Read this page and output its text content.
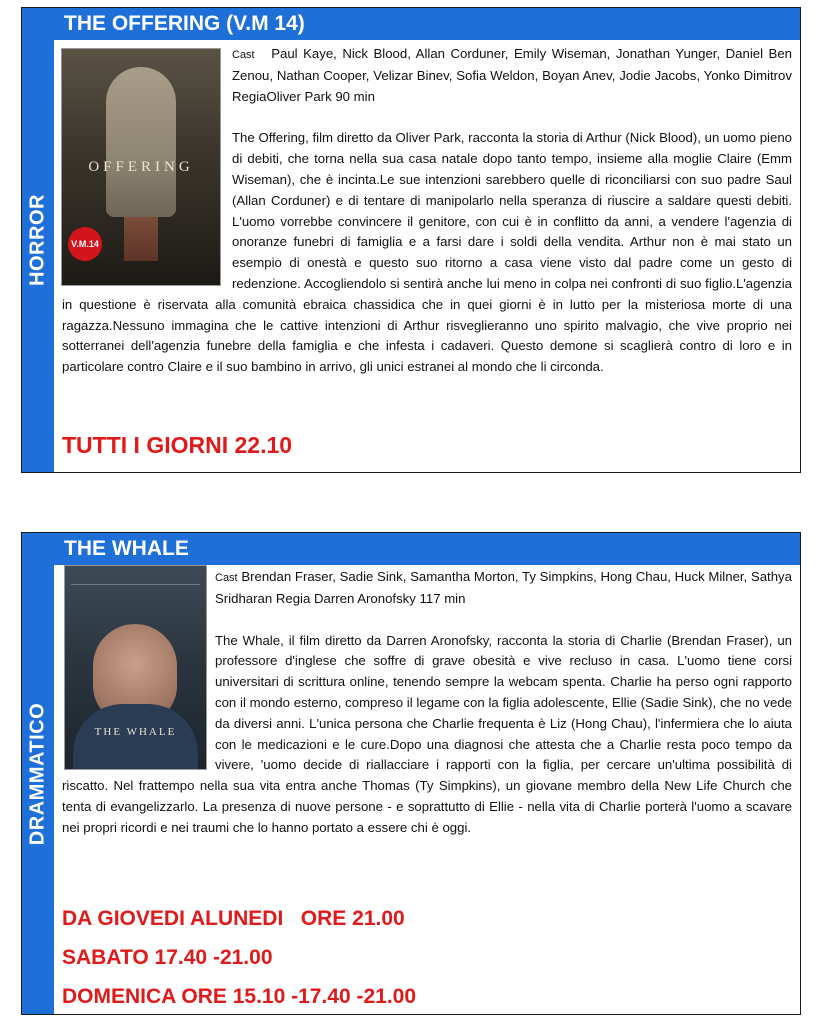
HORROR
THE OFFERING (V.M 14)
OFFERING
V.M.14

Cast Paul Kaye, Nick Blood, Allan Corduner, Emily Wiseman, Jonathan Yunger, Daniel Ben Zenou, Nathan Cooper, Velizar Binev, Sofia Weldon, Boyan Anev, Jodie Jacobs, Yonko Dimitrov RegiaOliver Park 90 min

The Offering, film diretto da Oliver Park, racconta la storia di Arthur (Nick Blood), un uomo pieno di debiti, che torna nella sua casa natale dopo tanto tempo, insieme alla moglie Claire (Emm Wiseman), che è incinta.Le sue intenzioni sarebbero quelle di riconciliarsi con suo padre Saul (Allan Corduner) e di tentare di manipolarlo nella speranza di riuscire a saldare questi debiti. L'uomo vorrebbe convincere il genitore, con cui è in conflitto da anni, a vendere l'agenzia di onoranze funebri di famiglia e a farsi dare i soldi della vendita. Arthur non è mai stato un esempio di onestà e questo suo ritorno a casa viene visto dal padre come un gesto di redenzione. Accogliendolo si sentirà anche lui meno in colpa nei confronti di suo figlio.L'agenzia in questione è riservata alla comunità ebraica chassidica che in quei giorni è in lutto per la misteriosa morte di una ragazza.Nessuno immagina che le cattive intenzioni di Arthur risveglieranno uno spirito malvagio, che vive proprio nei sotterranei dell'agenzia funebre della famiglia e che infesta i cadaveri. Questo demone si scaglierà contro di loro e in particolare contro Claire e il suo bambino in arrivo, gli unici estranei al mondo che li circonda.

TUTTI I GIORNI 22.10
DRAMMATICO
THE WHALE
THE WHALE

Cast Brendan Fraser, Sadie Sink, Samantha Morton, Ty Simpkins, Hong Chau, Huck Milner, Sathya Sridharan Regia Darren Aronofsky 117 min

The Whale, il film diretto da Darren Aronofsky, racconta la storia di Charlie (Brendan Fraser), un professore d'inglese che soffre di grave obesità e vive recluso in casa. L'uomo tiene corsi universitari di scrittura online, tenendo sempre la webcam spenta. Charlie ha perso ogni rapporto con il mondo esterno, compreso il legame con la figlia adolescente, Ellie (Sadie Sink), che no vede da diversi anni. L'unica persona che Charlie frequenta è Liz (Hong Chau), l'infermiera che lo aiuta con le medicazioni e le cure.Dopo una diagnosi che attesta che a Charlie resta poco tempo da vivere, 'uomo decide di riallacciare i rapporti con la figlia, per cercare un'ultima possibilità di riscatto. Nel frattempo nella sua vita entra anche Thomas (Ty Simpkins), un giovane membro della New Life Church che tenta di evangelizzarlo. La presenza di nuove persone - e soprattutto di Ellie - nella vita di Charlie porterà l'uomo a scavare nei propri ricordi e nei traumi che lo hanno portato a essere chi è oggi.

DA GIOVEDI ALUNEDI   ORE 21.00
SABATO 17.40 -21.00
DOMENICA ORE 15.10 -17.40 -21.00
